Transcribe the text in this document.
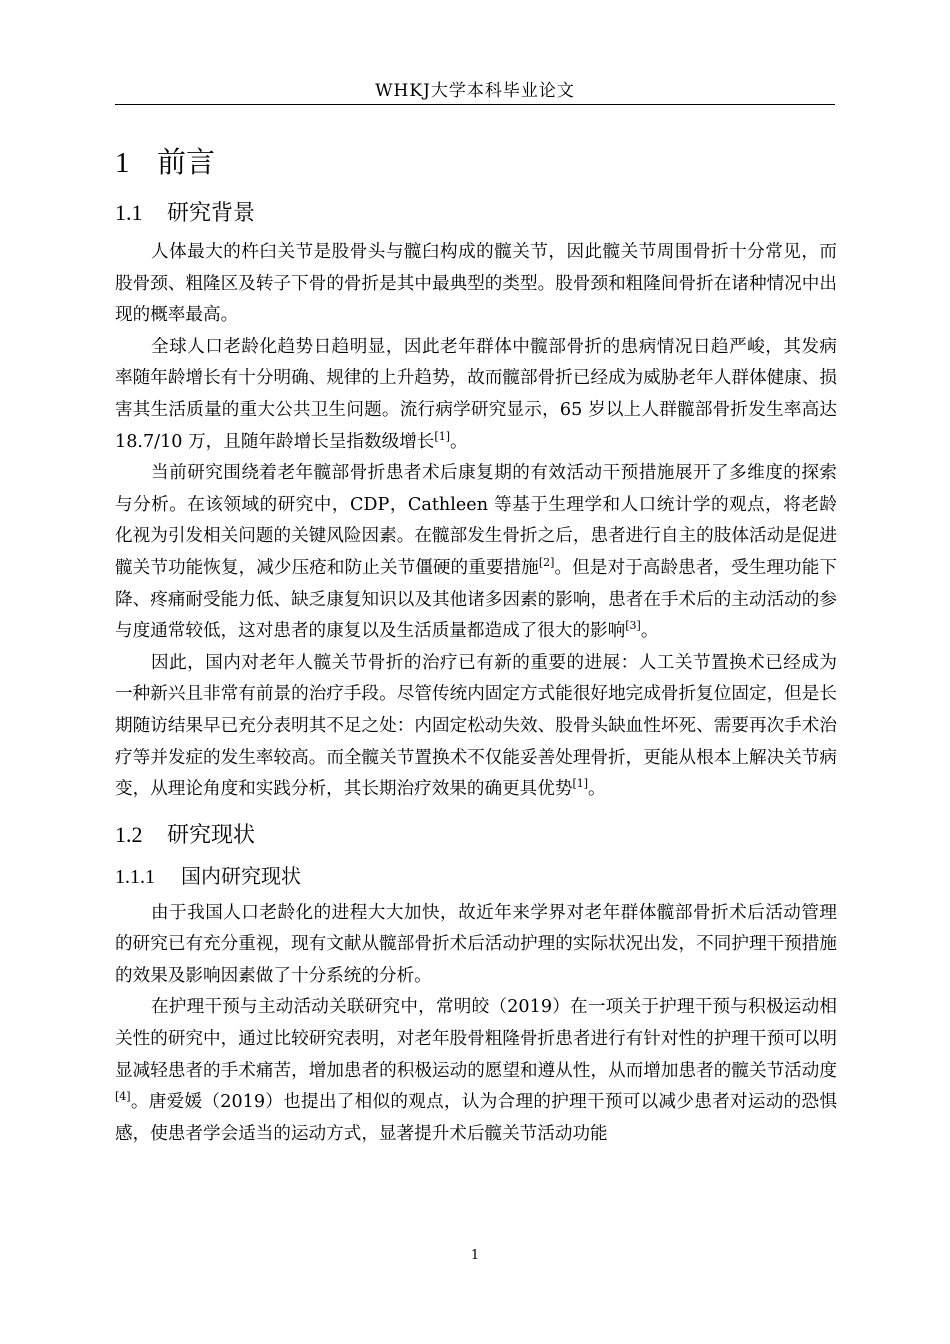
WHKJ大学本科毕业论文
1 前言
1.1 研究背景

人体最大的杵臼关节是股骨头与髋臼构成的髋关节，因此髋关节周围骨折十分常见，而股骨颈、粗隆区及转子下骨的骨折是其中最典型的类型。股骨颈和粗隆间骨折在诸种情况中出现的概率最高。

全球人口老龄化趋势日趋明显，因此老年群体中髋部骨折的患病情况日趋严峻，其发病率随年龄增长有十分明确、规律的上升趋势，故而髋部骨折已经成为威胁老年人群体健康、损害其生活质量的重大公共卫生问题。流行病学研究显示，65 岁以上人群髋部骨折发生率高达 18.7/10 万，且随年龄增长呈指数级增长[1]。

当前研究围绕着老年髋部骨折患者术后康复期的有效活动干预措施展开了多维度的探索与分析。在该领域的研究中，CDP，Cathleen 等基于生理学和人口统计学的观点，将老龄化视为引发相关问题的关键风险因素。在髋部发生骨折之后，患者进行自主的肢体活动是促进髋关节功能恢复，减少压疮和防止关节僵硬的重要措施[2]。但是对于高龄患者，受生理功能下降、疼痛耐受能力低、缺乏康复知识以及其他诸多因素的影响，患者在手术后的主动活动的参与度通常较低，这对患者的康复以及生活质量都造成了很大的影响[3]。

因此，国内对老年人髋关节骨折的治疗已有新的重要的进展：人工关节置换术已经成为一种新兴且非常有前景的治疗手段。尽管传统内固定方式能很好地完成骨折复位固定，但是长期随访结果早已充分表明其不足之处：内固定松动失效、股骨头缺血性坏死、需要再次手术治疗等并发症的发生率较高。而全髋关节置换术不仅能妥善处理骨折，更能从根本上解决关节病变，从理论角度和实践分析，其长期治疗效果的确更具优势[1]。

1.2 研究现状
1.1.1 国内研究现状

由于我国人口老龄化的进程大大加快，故近年来学界对老年群体髋部骨折术后活动管理的研究已有充分重视，现有文献从髋部骨折术后活动护理的实际状况出发，不同护理干预措施的效果及影响因素做了十分系统的分析。

在护理干预与主动活动关联研究中，常明皎（2019）在一项关于护理干预与积极运动相关性的研究中，通过比较研究表明，对老年股骨粗隆骨折患者进行有针对性的护理干预可以明显减轻患者的手术痛苦，增加患者的积极运动的愿望和遵从性，从而增加患者的髋关节活动度[4]。唐爱媛（2019）也提出了相似的观点，认为合理的护理干预可以减少患者对运动的恐惧感，使患者学会适当的运动方式，显著提升术后髋关节活动功能

1
